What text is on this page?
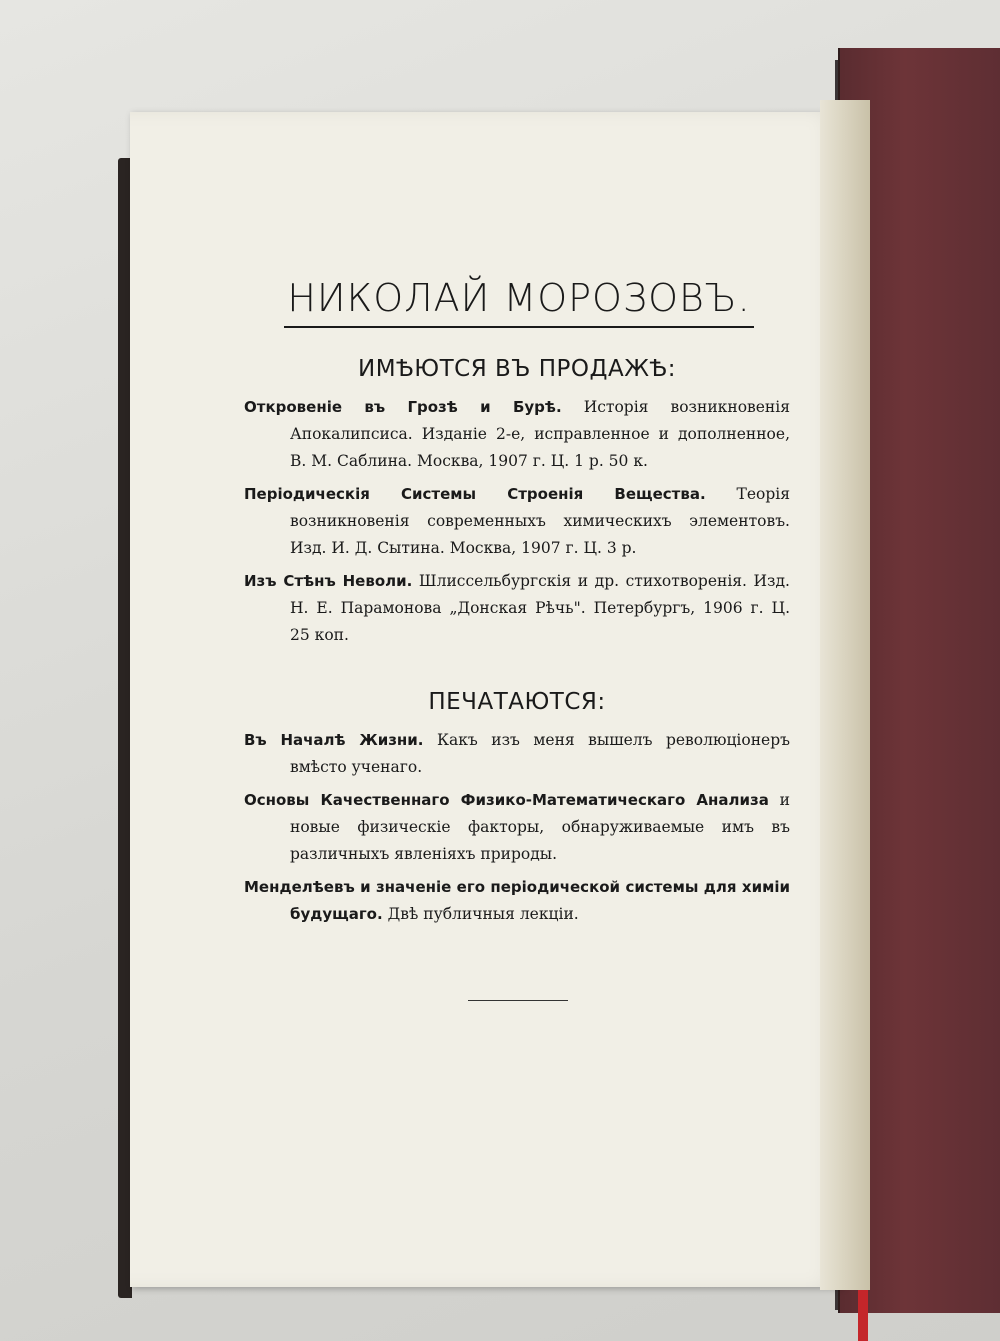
НИКОЛАЙ МОРОЗОВЪ.
ИМѢЮТСЯ ВЪ ПРОДАЖѢ:

Откровеніе въ Грозѣ и Бурѣ. Исторія возникновенія Апокалипсиса. Изданіе 2-е, исправленное и дополненное, В. М. Саблина. Москва, 1907 г. Ц. 1 р. 50 к.

Періодическія Системы Строенія Вещества. Теорія возникновенія современныхъ химическихъ элементовъ. Изд. И. Д. Сытина. Москва, 1907 г. Ц. 3 р.

Изъ Стѣнъ Неволи. Шлиссельбургскія и др. стихотворенія. Изд. Н. Е. Парамонова „Донская Рѣчь". Петербургъ, 1906 г. Ц. 25 коп.

ПЕЧАТАЮТСЯ:

Въ Началѣ Жизни. Какъ изъ меня вышелъ революціонеръ вмѣсто ученаго.

Основы Качественнаго Физико-Математическаго Анализа и новые физическіе факторы, обнаруживаемые имъ въ различныхъ явленіяхъ природы.

Менделѣевъ и значеніе его періодической системы для химіи будущаго. Двѣ публичныя лекціи.
